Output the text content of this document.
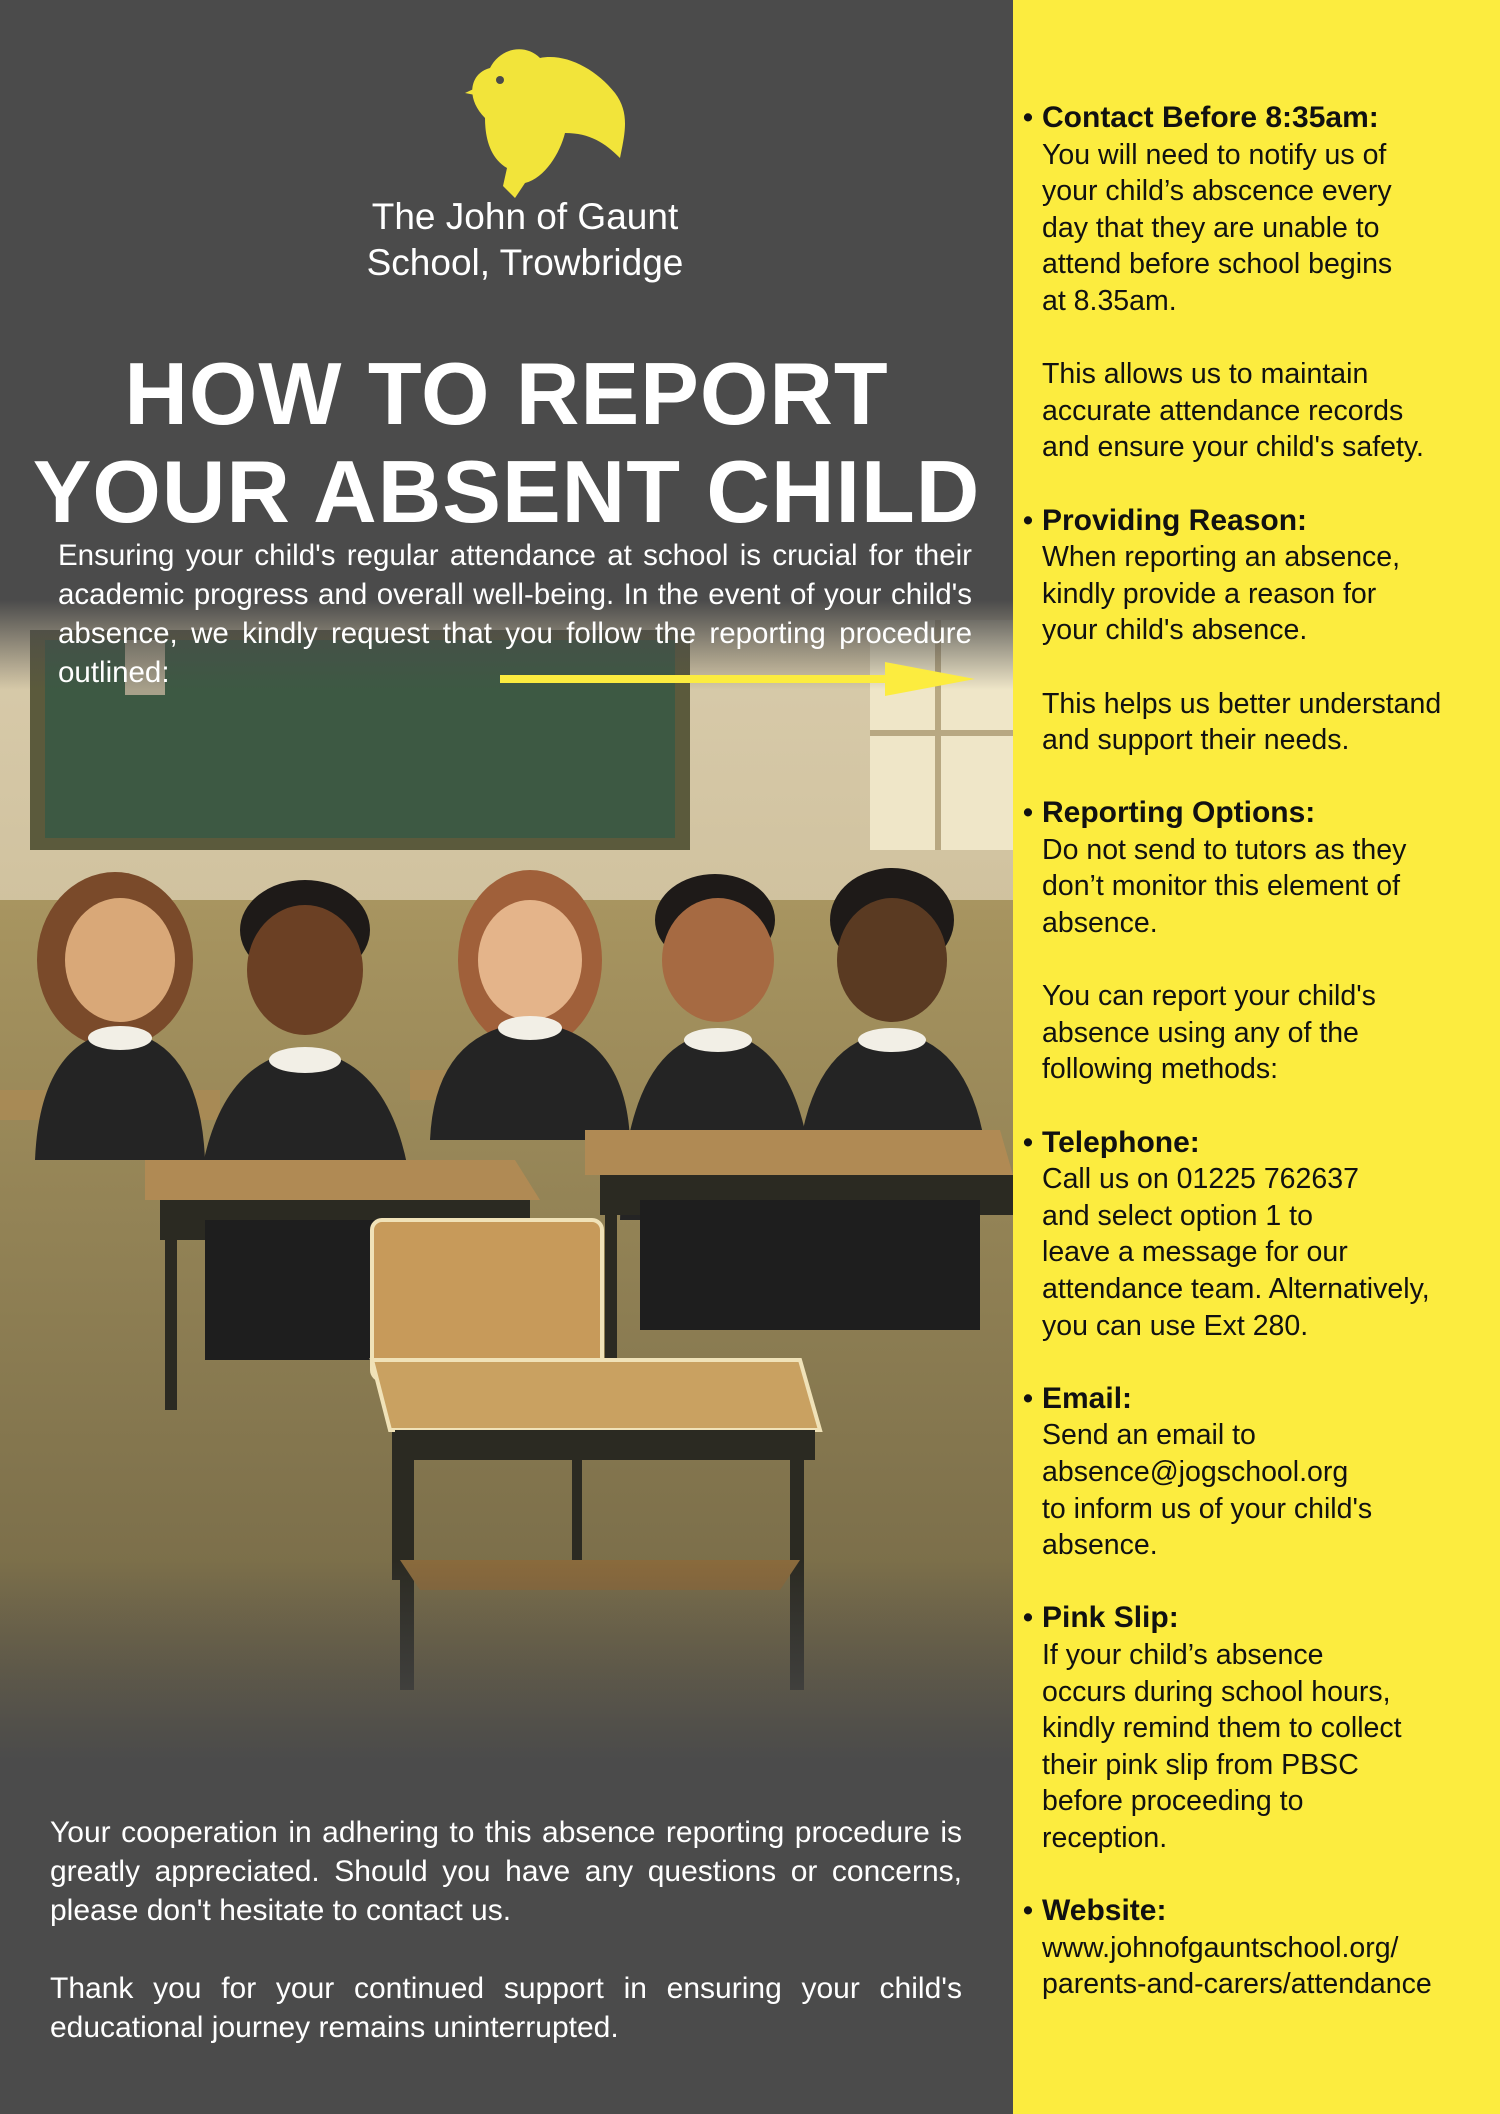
The John of Gaunt
School, Trowbridge
HOW TO REPORT
YOUR ABSENT CHILD
Ensuring your child's regular attendance at school is crucial for their academic progress and overall well-being. In the event of your child's absence, we kindly request that you follow the reporting procedure outlined:

Your cooperation in adhering to this absence reporting procedure is greatly appreciated. Should you have any questions or concerns, please don't hesitate to contact us.

Thank you for your continued support in ensuring your child's educational journey remains uninterrupted.

• Contact Before 8:35am:
You will need to notify us of
your child’s abscence every
day that they are unable to
attend before school begins
at 8.35am.

This allows us to maintain
accurate attendance records
and ensure your child's safety.
• Providing Reason:
When reporting an absence,
kindly provide a reason for
your child's absence.

This helps us better understand
and support their needs.
• Reporting Options:
Do not send to tutors as they
don’t monitor this element of
absence.

You can report your child's
absence using any of the
following methods:
• Telephone:
Call us on 01225 762637
and select option 1 to
leave a message for our
attendance team. Alternatively,
you can use Ext 280.
• Email:
Send an email to
absence@jogschool.org
to inform us of your child's
absence.
• Pink Slip:
If your child’s absence
occurs during school hours,
kindly remind them to collect
their pink slip from PBSC
before proceeding to
reception.
• Website:
www.johnofgauntschool.org/
parents-and-carers/attendance
